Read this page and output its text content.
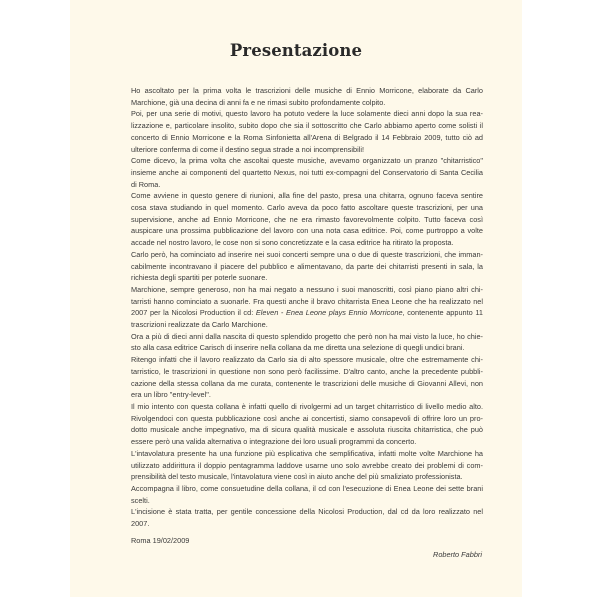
Presentazione

Ho ascoltato per la prima volta le trascrizioni delle musiche di Ennio Morricone, elaborate da Carlo Marchione, già una decina di anni fa e ne rimasi subito profondamente colpito.

Poi, per una serie di motivi, questo lavoro ha potuto vedere la luce solamente dieci anni dopo la sua realizzazione e, particolare insolito, subito dopo che sia il sottoscritto che Carlo abbiamo aperto come solisti il concerto di Ennio Morricone e la Roma Sinfonietta all'Arena di Belgrado il 14 Febbraio 2009, tutto ciò ad ulteriore conferma di come il destino segua strade a noi incomprensibili!

Come dicevo, la prima volta che ascoltai queste musiche, avevamo organizzato un pranzo "chitarristico" insieme anche ai componenti del quartetto Nexus, noi tutti ex-compagni del Conservatorio di Santa Cecilia di Roma.

Come avviene in questo genere di riunioni, alla fine del pasto, presa una chitarra, ognuno faceva sentire cosa stava studiando in quel momento. Carlo aveva da poco fatto ascoltare queste trascrizioni, per una supervisione, anche ad Ennio Morricone, che ne era rimasto favorevolmente colpito. Tutto faceva così auspicare una prossima pubblicazione del lavoro con una nota casa editrice. Poi, come purtroppo a volte accade nel nostro lavoro, le cose non si sono concretizzate e la casa editrice ha ritirato la proposta.

Carlo però, ha cominciato ad inserire nei suoi concerti sempre una o due di queste trascrizioni, che immancabilmente incontravano il piacere del pubblico e alimentavano, da parte dei chitarristi presenti in sala, la richiesta degli spartiti per poterle suonare.

Marchione, sempre generoso, non ha mai negato a nessuno i suoi manoscritti, così piano piano altri chitarristi hanno cominciato a suonarle. Fra questi anche il bravo chitarrista Enea Leone che ha realizzato nel 2007 per la Nicolosi Production il cd: Eleven - Enea Leone plays Ennio Morricone, contenente appunto 11 trascrizioni realizzate da Carlo Marchione.

Ora a più di dieci anni dalla nascita di questo splendido progetto che però non ha mai visto la luce, ho chiesto alla casa editrice Carisch di inserire nella collana da me diretta una selezione di quegli undici brani.

Ritengo infatti che il lavoro realizzato da Carlo sia di alto spessore musicale, oltre che estremamente chitarristico, le trascrizioni in questione non sono però facilissime. D'altro canto, anche la precedente pubblicazione della stessa collana da me curata, contenente le trascrizioni delle musiche di Giovanni Allevi, non era un libro "entry-level".

Il mio intento con questa collana è infatti quello di rivolgermi ad un target chitarristico di livello medio alto. Rivolgendoci con questa pubblicazione così anche ai concertisti, siamo consapevoli di offrire loro un prodotto musicale anche impegnativo, ma di sicura qualità musicale e assoluta riuscita chitarristica, che può essere però una valida alternativa o integrazione dei loro usuali programmi da concerto.

L'intavolatura presente ha una funzione più esplicativa che semplificativa, infatti molte volte Marchione ha utilizzato addirittura il doppio pentagramma laddove usarne uno solo avrebbe creato dei problemi di comprensibilità del testo musicale, l'intavolatura viene così in aiuto anche del più smaliziato professionista.

Accompagna il libro, come consuetudine della collana, il cd con l'esecuzione di Enea Leone dei sette brani scelti.

L'incisione è stata tratta, per gentile concessione della Nicolosi Production, dal cd da loro realizzato nel 2007.

Roma 19/02/2009
Roberto Fabbri
